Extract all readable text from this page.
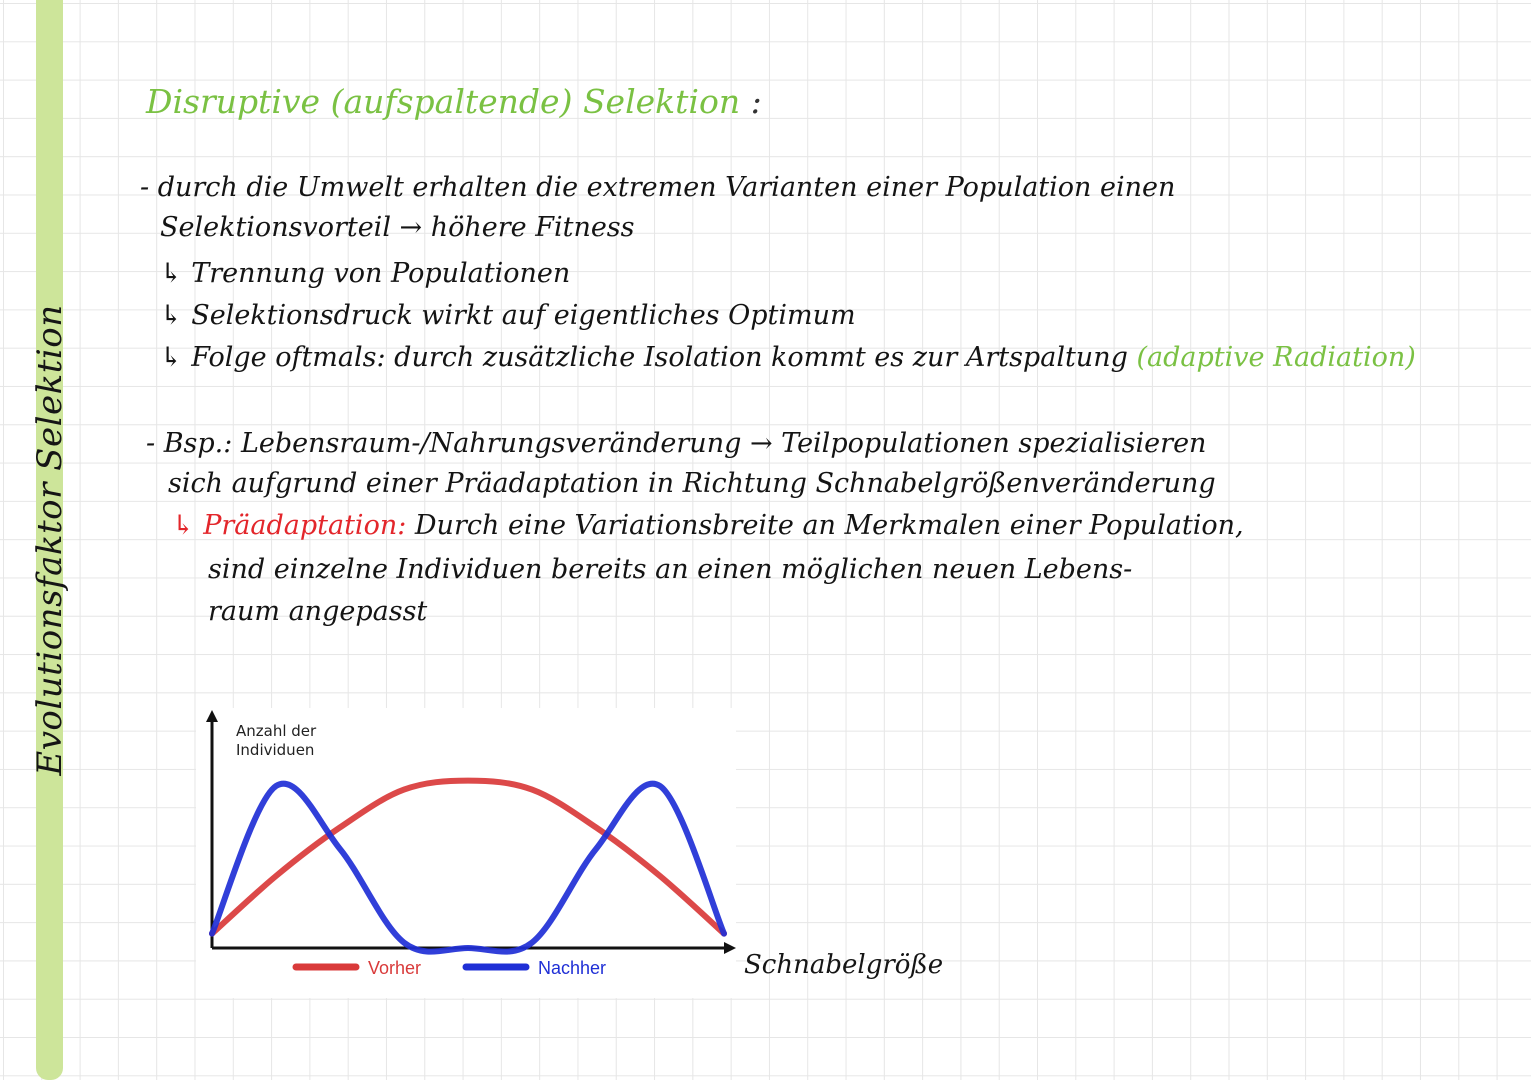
Evolutionsfaktor Selektion
Disruptive (aufspaltende) Selektion :
- durch die Umwelt erhalten die extremen Varianten einer Population einen
Selektionsvorteil → höhere Fitness
↳ Trennung von Populationen
↳ Selektionsdruck wirkt auf eigentliches Optimum
↳ Folge oftmals: durch zusätzliche Isolation kommt es zur Artspaltung (adaptive Radiation)
- Bsp.: Lebensraum-/Nahrungsveränderung → Teilpopulationen spezialisieren
sich aufgrund einer Präadaptation in Richtung Schnabelgrößenveränderung
↳ Präadaptation: Durch eine Variationsbreite an Merkmalen einer Population,
sind einzelne Individuen bereits an einen möglichen neuen Lebens-
raum angepasst
Anzahl der Individuen
Vorher	Nachher	Schnabelgröße
